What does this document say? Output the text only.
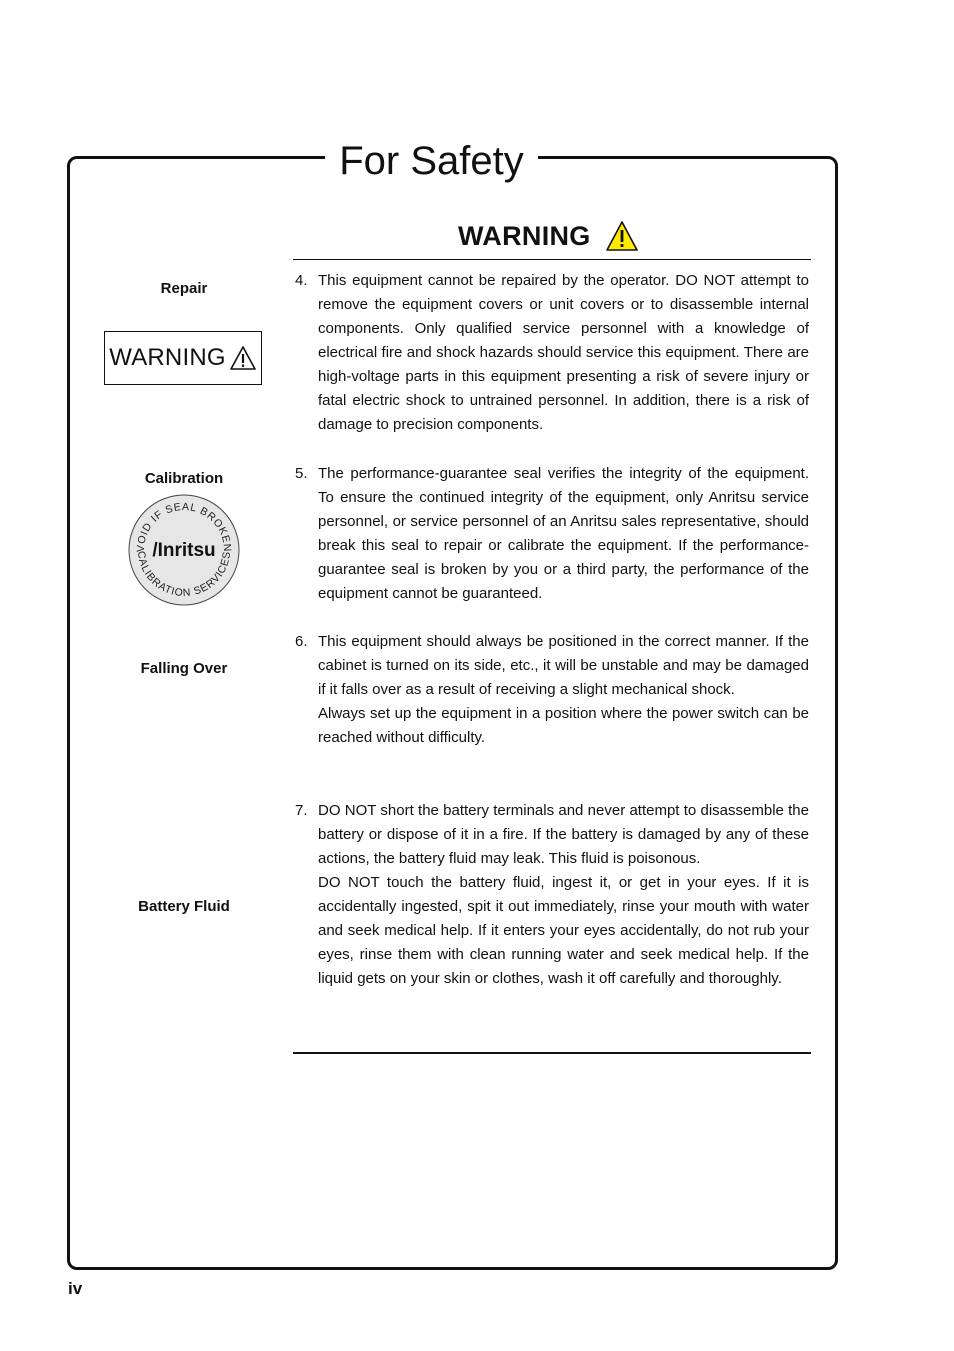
For Safety
WARNING
Repair
WARNING
Calibration
VOID IF SEAL BROKEN
CALIBRATION SERVICES
/Inritsu
Falling Over
Battery Fluid
4. This equipment cannot be repaired by the operator. DO NOT attempt to remove the equipment covers or unit covers or to disassemble internal components. Only qualified service personnel with a knowledge of electrical fire and shock hazards should service this equipment. There are high-voltage parts in this equipment presenting a risk of severe injury or fatal electric shock to untrained personnel. In addition, there is a risk of damage to precision components.

5. The performance-guarantee seal verifies the integrity of the equipment. To ensure the continued integrity of the equipment, only Anritsu service personnel, or service personnel of an Anritsu sales representative, should break this seal to repair or calibrate the equipment. If the performance-guarantee seal is broken by you or a third party, the performance of the equipment cannot be guaranteed.

6. This equipment should always be positioned in the correct manner. If the cabinet is turned on its side, etc., it will be unstable and may be damaged if it falls over as a result of receiving a slight mechanical shock.

Always set up the equipment in a position where the power switch can be reached without difficulty.

7. DO NOT short the battery terminals and never attempt to disassemble the battery or dispose of it in a fire. If the battery is damaged by any of these actions, the battery fluid may leak. This fluid is poisonous.

DO NOT touch the battery fluid, ingest it, or get in your eyes. If it is accidentally ingested, spit it out immediately, rinse your mouth with water and seek medical help. If it enters your eyes accidentally, do not rub your eyes, rinse them with clean running water and seek medical help. If the liquid gets on your skin or clothes, wash it off carefully and thoroughly.

iv
